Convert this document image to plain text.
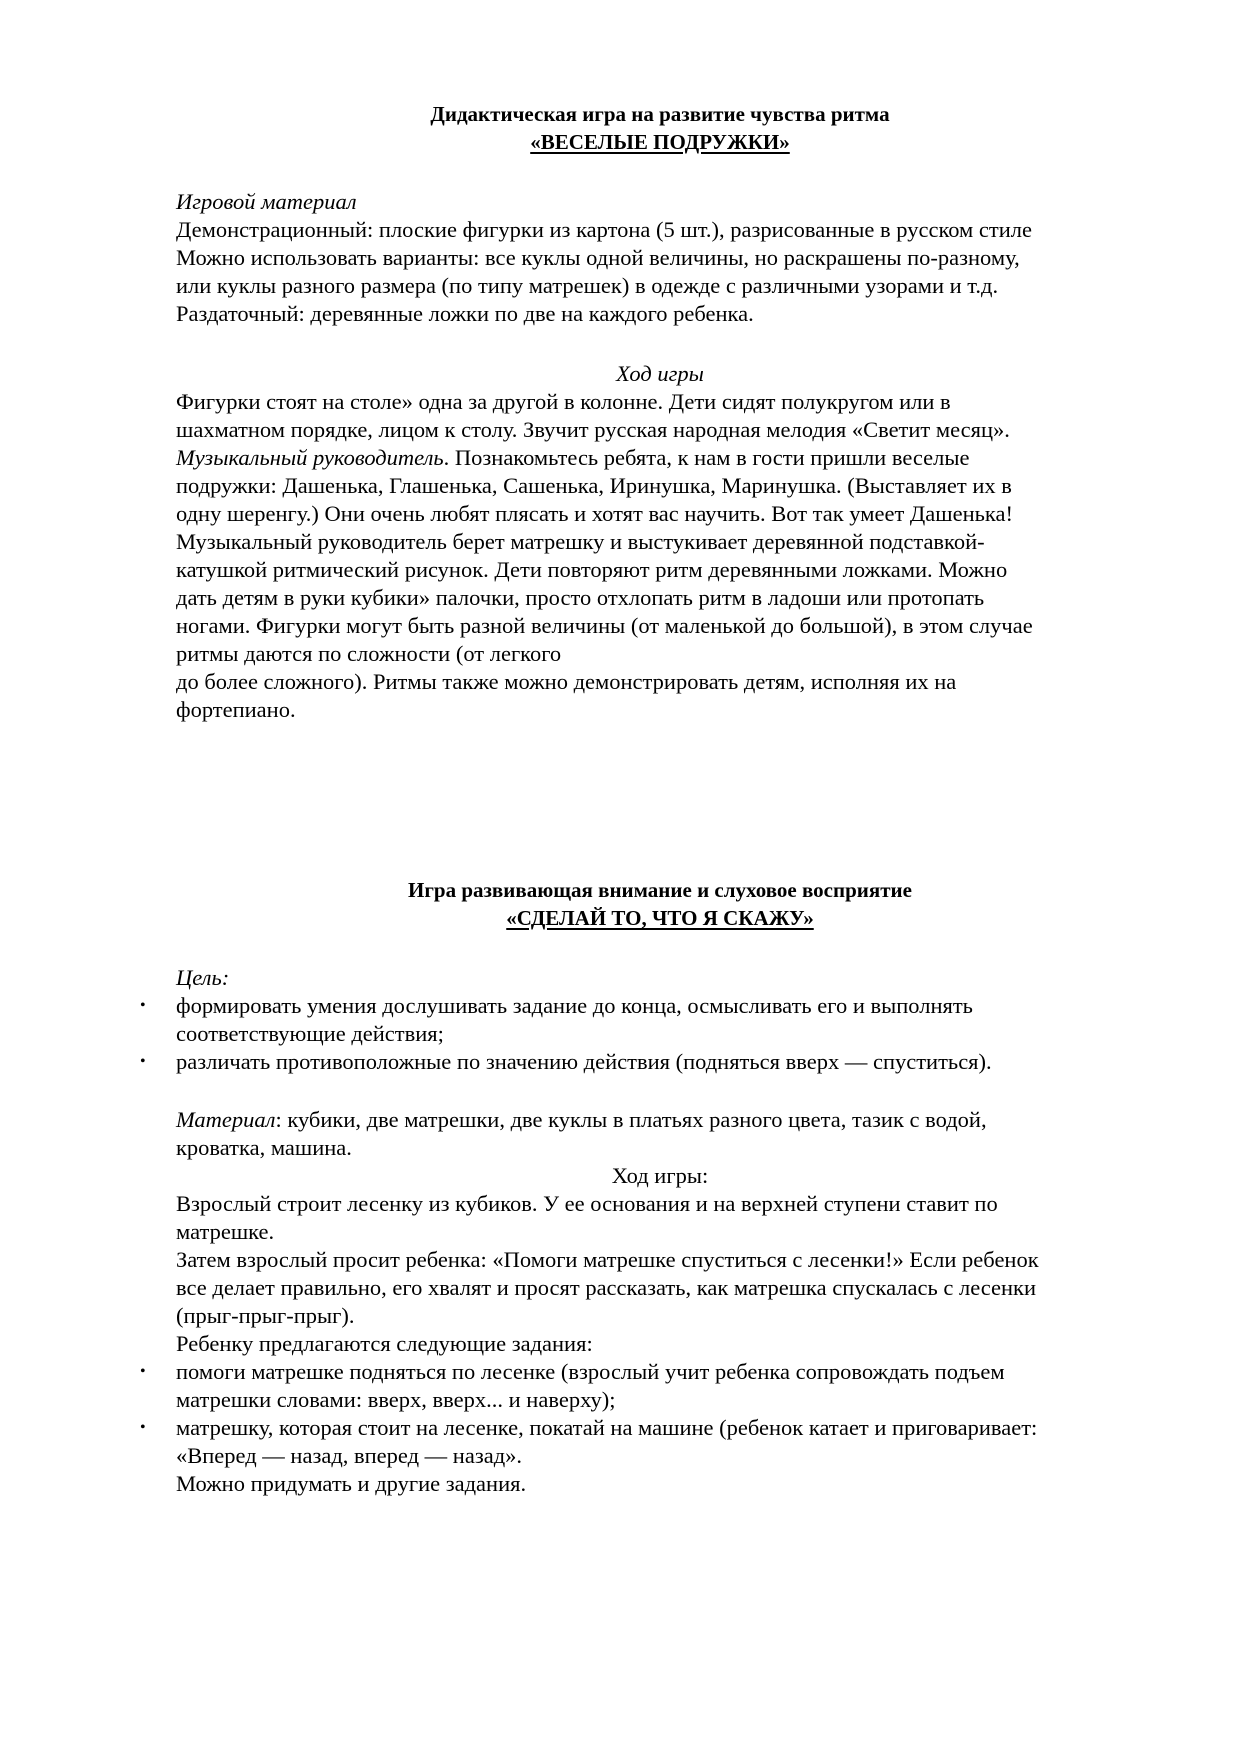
Дидактическая игра на развитие чувства ритма

«ВЕСЕЛЫЕ ПОДРУЖКИ»

Игровой материал

Демонстрационный: плоские фигурки из картона (5 шт.), разрисованные в русском стиле

Можно использовать варианты: все куклы одной величины, но раскрашены по-разному,

или куклы разного размера (по типу матрешек) в одежде с различными узорами и т.д.

Раздаточный: деревянные ложки по две на каждого ребенка.

Ход игры

Фигурки стоят на столе» одна за другой в колонне. Дети сидят полукругом или в

шахматном порядке, лицом к столу. Звучит русская народная мелодия «Светит месяц».

Музыкальный руководитель. Познакомьтесь ребята, к нам в гости пришли веселые

подружки: Дашенька, Глашенька, Сашенька, Иринушка, Маринушка. (Выставляет их в

одну шеренгу.) Они очень любят плясать и хотят вас научить. Вот так умеет Дашенька!

Музыкальный руководитель берет матрешку и выстукивает деревянной подставкой-

катушкой ритмический рисунок. Дети повторяют ритм деревянными ложками. Можно

дать детям в руки кубики» палочки, просто отхлопать ритм в ладоши или протопать

ногами. Фигурки могут быть разной величины (от маленькой до большой), в этом случае

ритмы даются по сложности (от легкого

до более сложного). Ритмы также можно демонстрировать детям, исполняя их на

фортепиано.

Игра развивающая внимание и слуховое восприятие

«СДЕЛАЙ ТО, ЧТО Я СКАЖУ»

Цель:

• формировать умения дослушивать задание до конца, осмысливать его и выполнять

соответствующие действия;

• различать противоположные по значению действия (подняться вверх — спуститься).

Материал: кубики, две матрешки, две куклы в платьях разного цвета, тазик с водой,

кроватка, машина.

Ход игры:

Взрослый строит лесенку из кубиков. У ее основания и на верхней ступени ставит по

матрешке.

Затем взрослый просит ребенка: «Помоги матрешке спуститься с лесенки!» Если ребенок

все делает правильно, его хвалят и просят рассказать, как матрешка спускалась с лесенки

(прыг-прыг-прыг).

Ребенку предлагаются следующие задания:

• помоги матрешке подняться по лесенке (взрослый учит ребенка сопровождать подъем

матрешки словами: вверх, вверх... и наверху);

• матрешку, которая стоит на лесенке, покатай на машине (ребенок катает и приговаривает:

«Вперед — назад, вперед — назад».

Можно придумать и другие задания.
